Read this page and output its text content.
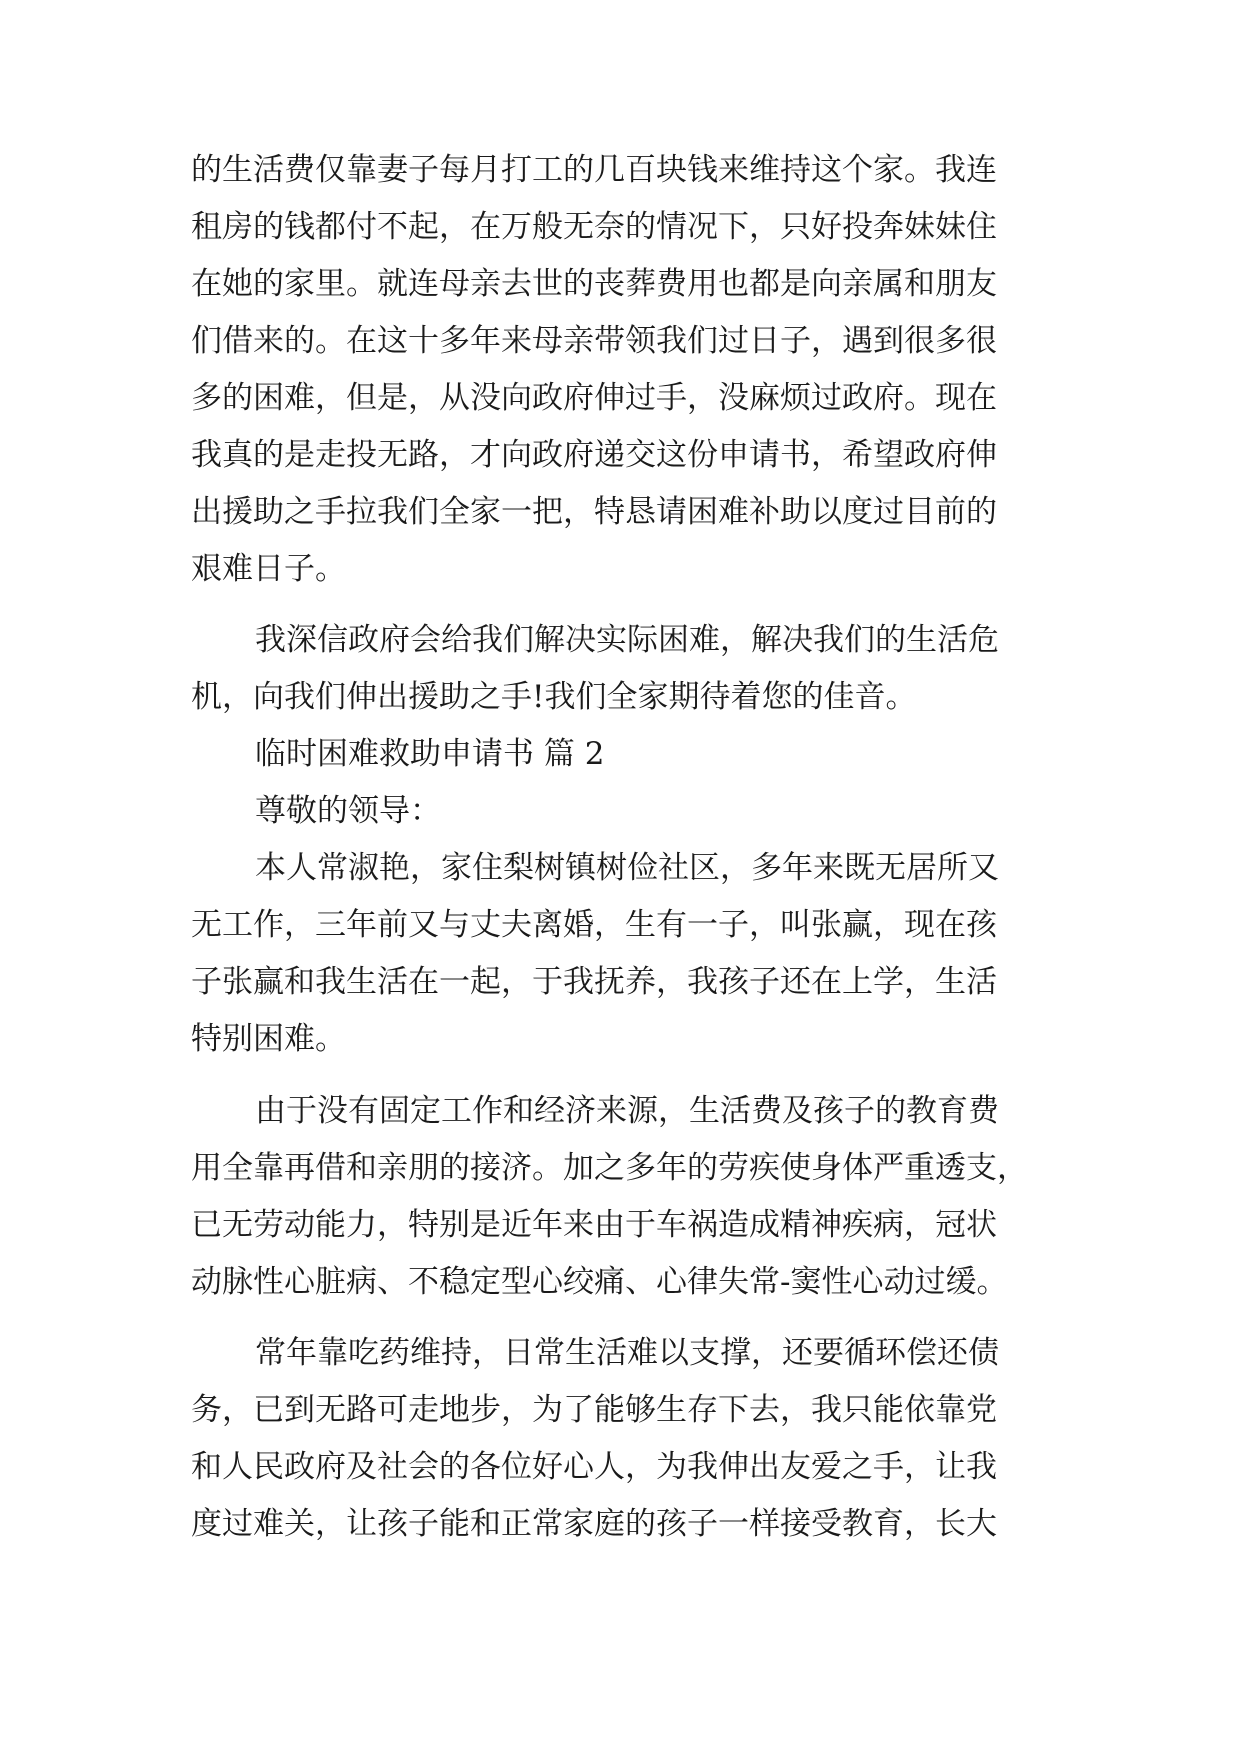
的生活费仅靠妻子每月打工的几百块钱来维持这个家。我连
租房的钱都付不起，在万般无奈的情况下，只好投奔妹妹住
在她的家里。就连母亲去世的丧葬费用也都是向亲属和朋友
们借来的。在这十多年来母亲带领我们过日子，遇到很多很
多的困难，但是，从没向政府伸过手，没麻烦过政府。现在
我真的是走投无路，才向政府递交这份申请书，希望政府伸
出援助之手拉我们全家一把，特恳请困难补助以度过目前的
艰难日子。
我深信政府会给我们解决实际困难，解决我们的生活危
机，向我们伸出援助之手!我们全家期待着您的佳音。
临时困难救助申请书 篇 2
尊敬的领导：
本人常淑艳，家住梨树镇树俭社区，多年来既无居所又
无工作，三年前又与丈夫离婚，生有一子，叫张赢，现在孩
子张赢和我生活在一起，于我抚养，我孩子还在上学，生活
特别困难。
由于没有固定工作和经济来源，生活费及孩子的教育费
用全靠再借和亲朋的接济。加之多年的劳疾使身体严重透支，
已无劳动能力，特别是近年来由于车祸造成精神疾病，冠状
动脉性心脏病、不稳定型心绞痛、心律失常-窦性心动过缓。
常年靠吃药维持，日常生活难以支撑，还要循环偿还债
务，已到无路可走地步，为了能够生存下去，我只能依靠党
和人民政府及社会的各位好心人，为我伸出友爱之手，让我
度过难关，让孩子能和正常家庭的孩子一样接受教育，长大
